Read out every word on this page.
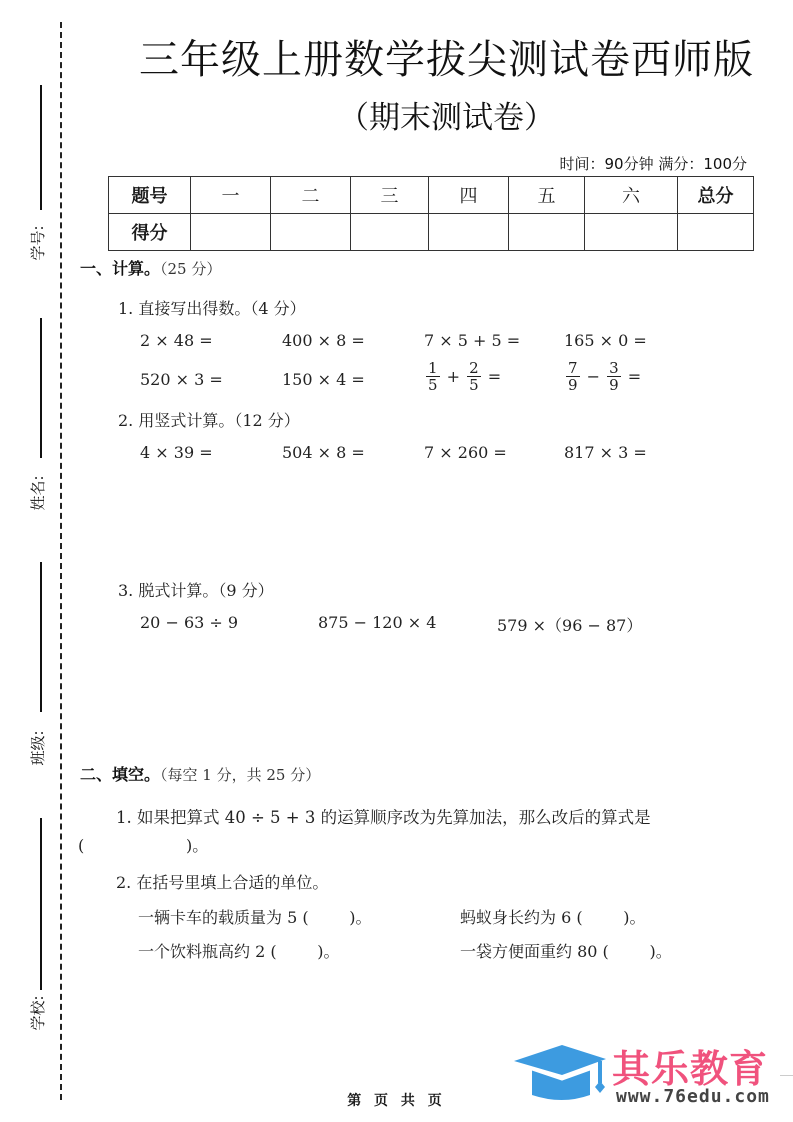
学号:
姓名:
班级:
学校:
三年级上册数学拔尖测试卷西师版
（期末测试卷）
时间：90分钟 满分：100分
题号	一	二	三	四	五	六	总分
得分							
一、计算。（25 分）
1. 直接写出得数。（4 分）
2 × 48 =	400 × 8 =	7 × 5 + 5 =	165 × 0 =
520 × 3 =	150 × 4 =	$\frac{1}{5} + \frac{2}{5}$ =	$\frac{7}{9} - \frac{3}{9}$ =
2. 用竖式计算。（12 分）
4 × 39 =	504 × 8 =	7 × 260 =	817 × 3 =
3. 脱式计算。（9 分）
20 − 63 ÷ 9	875 − 120 × 4	579 ×（96 − 87）
二、填空。（每空 1 分，共 25 分）
1. 如果把算式 40 ÷ 5 + 3 的运算顺序改为先算加法，那么改后的算式是
(                    )。
2. 在括号里填上合适的单位。
一辆卡车的载质量为 5 (        )。	蚂蚁身长约为 6 (        )。
一个饮料瓶高约 2 (        )。	一袋方便面重约 80 (        )。
第 页 共 页
其乐教育
www.76edu.com
